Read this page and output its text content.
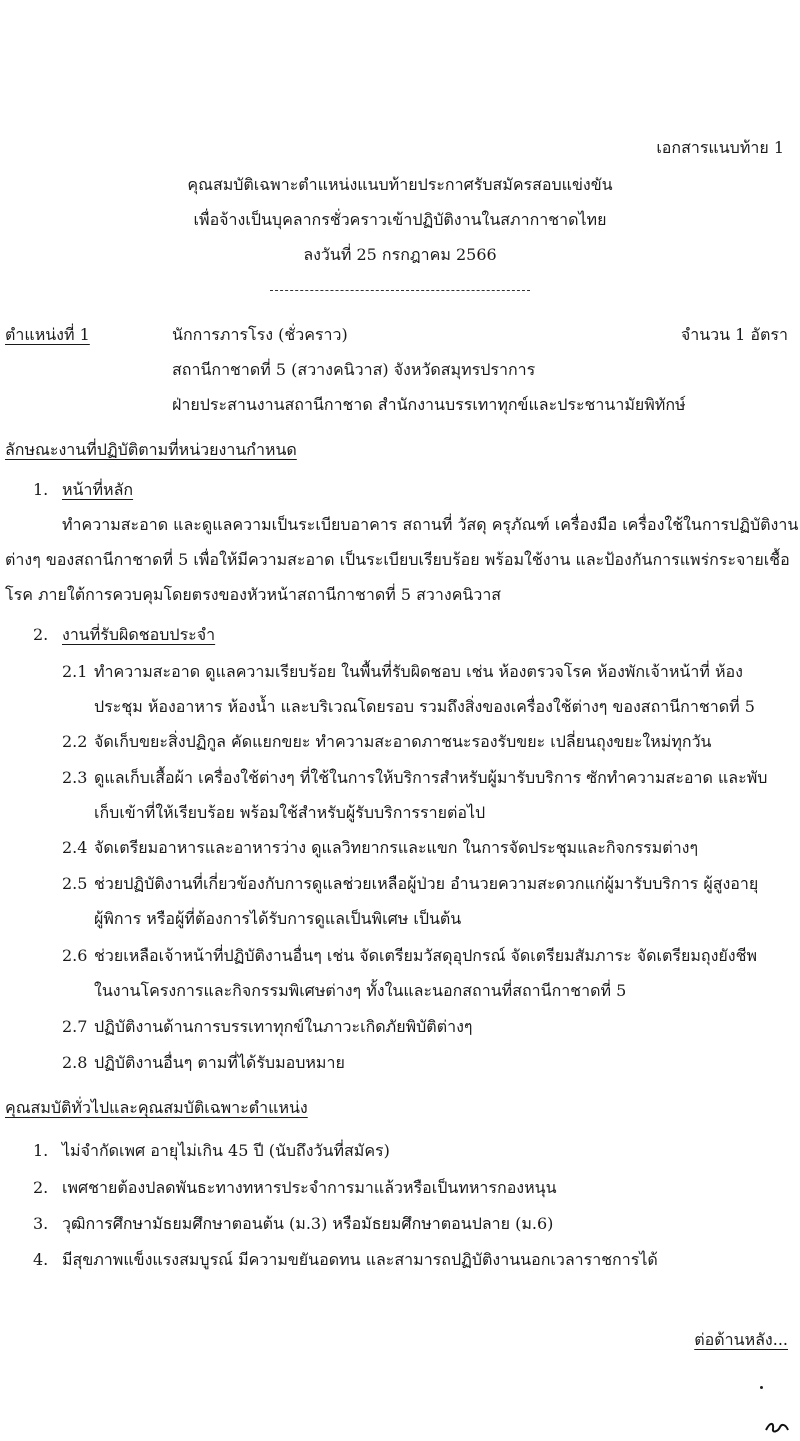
เอกสารแนบท้าย 1
คุณสมบัติเฉพาะตำแหน่งแนบท้ายประกาศรับสมัครสอบแข่งขัน
เพื่อจ้างเป็นบุคลากรชั่วคราวเข้าปฏิบัติงานในสภากาชาดไทย
ลงวันที่ 25 กรกฎาคม 2566
ตำแหน่งที่ 1	นักการภารโรง (ชั่วคราว)	จำนวน 1 อัตรา
สถานีกาชาดที่ 5 (สวางคนิวาส) จังหวัดสมุทรปราการ
ฝ่ายประสานงานสถานีกาชาด สำนักงานบรรเทาทุกข์และประชานามัยพิทักษ์
ลักษณะงานที่ปฏิบัติตามที่หน่วยงานกำหนด
1. หน้าที่หลัก
ทำความสะอาด และดูแลความเป็นระเบียบอาคาร สถานที่ วัสดุ ครุภัณฑ์ เครื่องมือ เครื่องใช้ในการปฏิบัติงาน
ต่างๆ ของสถานีกาชาดที่ 5 เพื่อให้มีความสะอาด เป็นระเบียบเรียบร้อย พร้อมใช้งาน และป้องกันการแพร่กระจายเชื้อ
โรค ภายใต้การควบคุมโดยตรงของหัวหน้าสถานีกาชาดที่ 5 สวางคนิวาส
2. งานที่รับผิดชอบประจำ
2.1 ทำความสะอาด ดูแลความเรียบร้อย ในพื้นที่รับผิดชอบ เช่น ห้องตรวจโรค ห้องพักเจ้าหน้าที่ ห้อง
ประชุม ห้องอาหาร ห้องน้ำ และบริเวณโดยรอบ รวมถึงสิ่งของเครื่องใช้ต่างๆ ของสถานีกาชาดที่ 5
2.2 จัดเก็บขยะสิ่งปฏิกูล คัดแยกขยะ ทำความสะอาดภาชนะรองรับขยะ เปลี่ยนถุงขยะใหม่ทุกวัน
2.3 ดูแลเก็บเสื้อผ้า เครื่องใช้ต่างๆ ที่ใช้ในการให้บริการสำหรับผู้มารับบริการ ซักทำความสะอาด และพับ
เก็บเข้าที่ให้เรียบร้อย พร้อมใช้สำหรับผู้รับบริการรายต่อไป
2.4 จัดเตรียมอาหารและอาหารว่าง ดูแลวิทยากรและแขก ในการจัดประชุมและกิจกรรมต่างๆ
2.5 ช่วยปฏิบัติงานที่เกี่ยวข้องกับการดูแลช่วยเหลือผู้ป่วย อำนวยความสะดวกแก่ผู้มารับบริการ ผู้สูงอายุ
ผู้พิการ หรือผู้ที่ต้องการได้รับการดูแลเป็นพิเศษ เป็นต้น
2.6 ช่วยเหลือเจ้าหน้าที่ปฏิบัติงานอื่นๆ เช่น จัดเตรียมวัสดุอุปกรณ์ จัดเตรียมสัมภาระ จัดเตรียมถุงยังชีพ
ในงานโครงการและกิจกรรมพิเศษต่างๆ ทั้งในและนอกสถานที่สถานีกาชาดที่ 5
2.7 ปฏิบัติงานด้านการบรรเทาทุกข์ในภาวะเกิดภัยพิบัติต่างๆ
2.8 ปฏิบัติงานอื่นๆ ตามที่ได้รับมอบหมาย
คุณสมบัติทั่วไปและคุณสมบัติเฉพาะตำแหน่ง
1. ไม่จำกัดเพศ อายุไม่เกิน 45 ปี (นับถึงวันที่สมัคร)
2. เพศชายต้องปลดพันธะทางทหารประจำการมาแล้วหรือเป็นทหารกองหนุน
3. วุฒิการศึกษามัธยมศึกษาตอนต้น (ม.3) หรือมัธยมศึกษาตอนปลาย (ม.6)
4. มีสุขภาพแข็งแรงสมบูรณ์ มีความขยันอดทน และสามารถปฏิบัติงานนอกเวลาราชการได้
ต่อด้านหลัง...
